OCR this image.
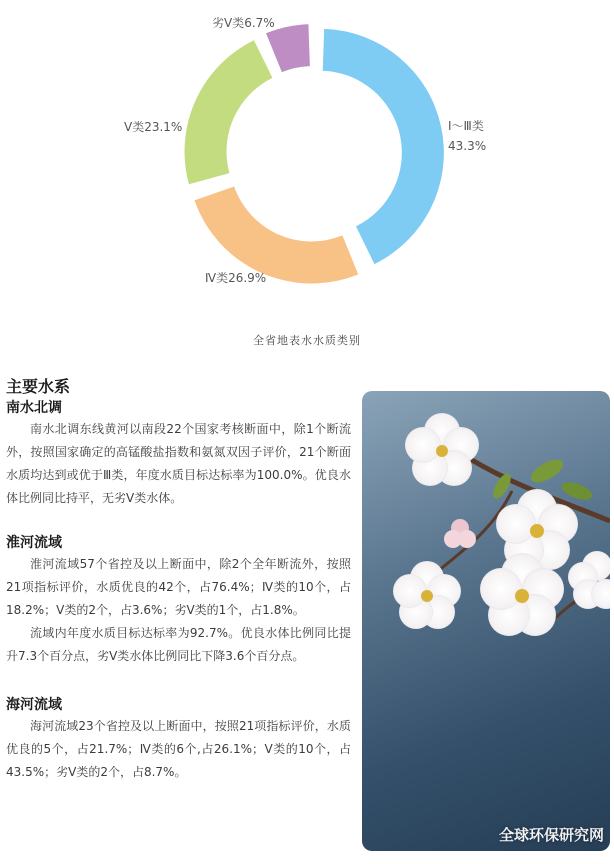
Ⅰ～Ⅲ类
43.3%
Ⅳ类26.9%
Ⅴ类23.1%
劣Ⅴ类6.7%
全省地表水水质类别
主要水系
南水北调

南水北调东线黄河以南段22个国家考核断面中，除1个断流外，按照国家确定的高锰酸盐指数和氨氮双因子评价，21个断面水质均达到或优于Ⅲ类，年度水质目标达标率为100.0%。优良水体比例同比持平，无劣Ⅴ类水体。

淮河流域

淮河流域57个省控及以上断面中，除2个全年断流外，按照21项指标评价，水质优良的42个，占76.4%；Ⅳ类的10个，占18.2%；Ⅴ类的2个，占3.6%；劣Ⅴ类的1个，占1.8%。

流域内年度水质目标达标率为92.7%。优良水体比例同比提升7.3个百分点，劣Ⅴ类水体比例同比下降3.6个百分点。

海河流域

海河流域23个省控及以上断面中，按照21项指标评价，水质优良的5个，占21.7%；Ⅳ类的6个,占26.1%；Ⅴ类的10个，占43.5%；劣Ⅴ类的2个，占8.7%。

全球环保研究网
